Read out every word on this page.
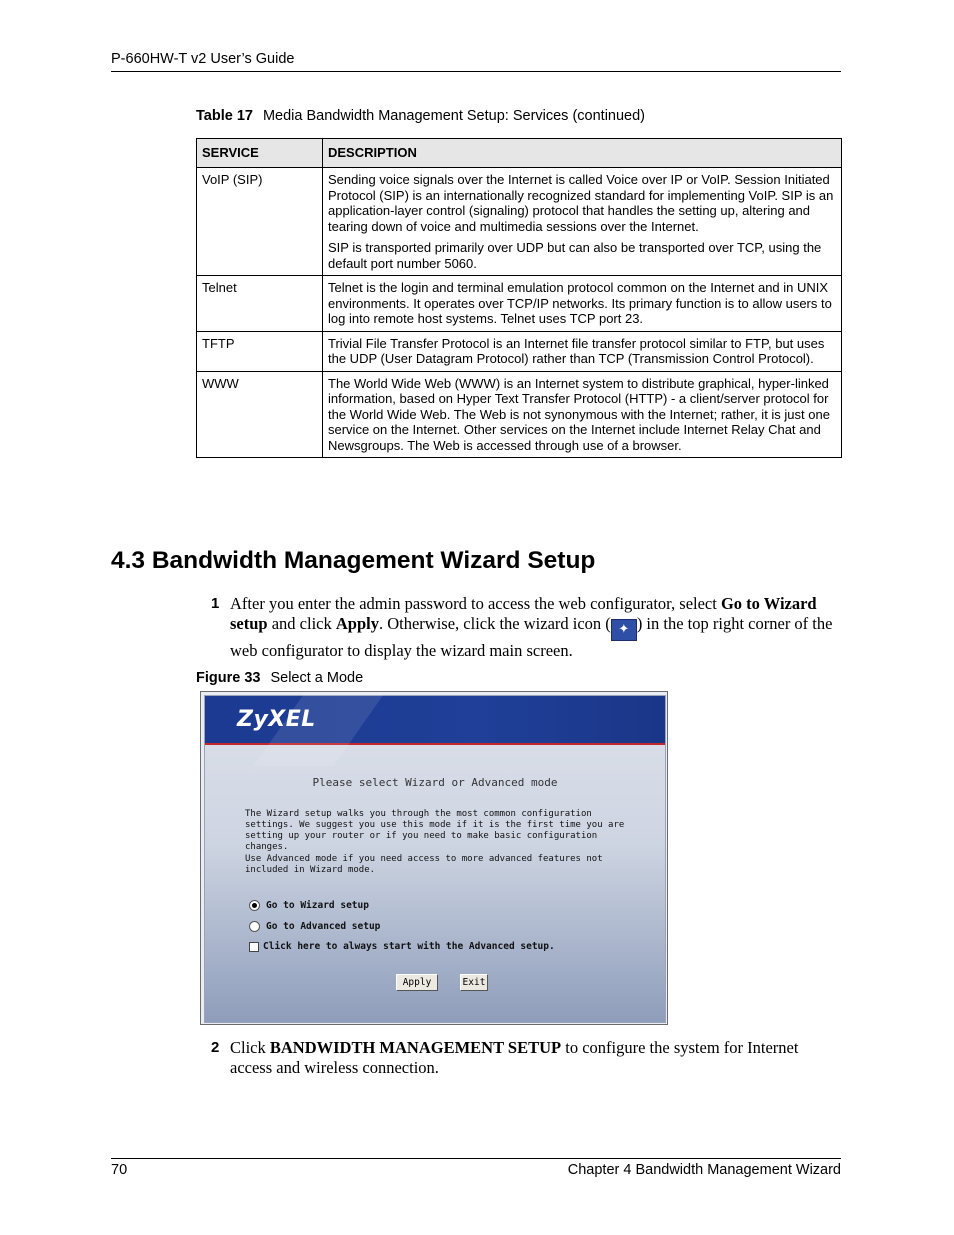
P-660HW-T v2 User’s Guide
Table 17 Media Bandwidth Management Setup: Services (continued)
SERVICE	DESCRIPTION
VoIP (SIP)	Sending voice signals over the Internet is called Voice over IP or VoIP. Session Initiated Protocol (SIP) is an internationally recognized standard for implementing VoIP. SIP is an application-layer control (signaling) protocol that handles the setting up, altering and tearing down of voice and multimedia sessions over the Internet.

SIP is transported primarily over UDP but can also be transported over TCP, using the default port number 5060.

Telnet	Telnet is the login and terminal emulation protocol common on the Internet and in UNIX environments. It operates over TCP/IP networks. Its primary function is to allow users to log into remote host systems. Telnet uses TCP port 23.

TFTP	Trivial File Transfer Protocol is an Internet file transfer protocol similar to FTP, but uses the UDP (User Datagram Protocol) rather than TCP (Transmission Control Protocol).

WWW	The World Wide Web (WWW) is an Internet system to distribute graphical, hyper-linked information, based on Hyper Text Transfer Protocol (HTTP) - a client/server protocol for the World Wide Web. The Web is not synonymous with the Internet; rather, it is just one service on the Internet. Other services on the Internet include Internet Relay Chat and Newsgroups. The Web is accessed through use of a browser.

4.3 Bandwidth Management Wizard Setup
1 After you enter the admin password to access the web configurator, select Go to Wizard setup and click Apply. Otherwise, click the wizard icon ( ✦ ) in the top right corner of the web configurator to display the wizard main screen.
Figure 33 Select a Mode
ZyXEL
Please select Wizard or Advanced mode
The Wizard setup walks you through the most common configuration settings. We suggest you use this mode if it is the first time you are setting up your router or if you need to make basic configuration changes.
Use Advanced mode if you need access to more advanced features not included in Wizard mode.
Go to Wizard setup
Go to Advanced setup
Click here to always start with the Advanced setup.
Apply	Exit
2 Click BANDWIDTH MANAGEMENT SETUP to configure the system for Internet access and wireless connection.
70	Chapter 4 Bandwidth Management Wizard
